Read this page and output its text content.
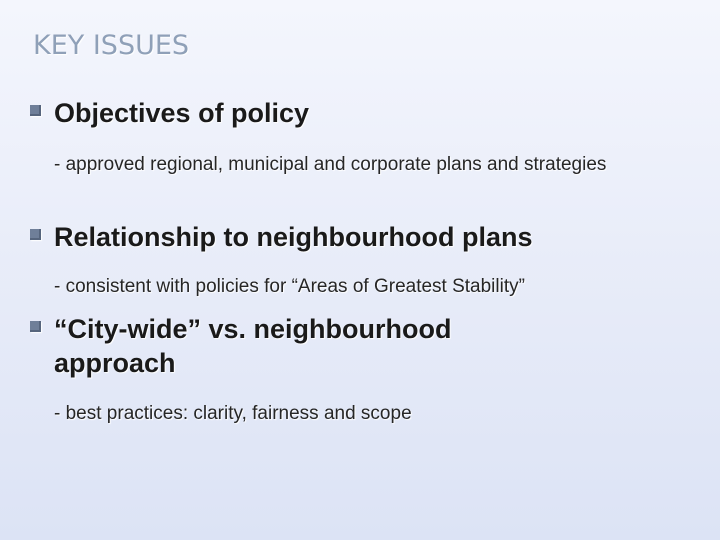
KEY ISSUES
Objectives of policy
- approved regional, municipal and corporate plans and strategies
Relationship to neighbourhood plans
- consistent with policies for “Areas of Greatest Stability”
“City-wide” vs. neighbourhood approach
- best practices: clarity, fairness and scope
